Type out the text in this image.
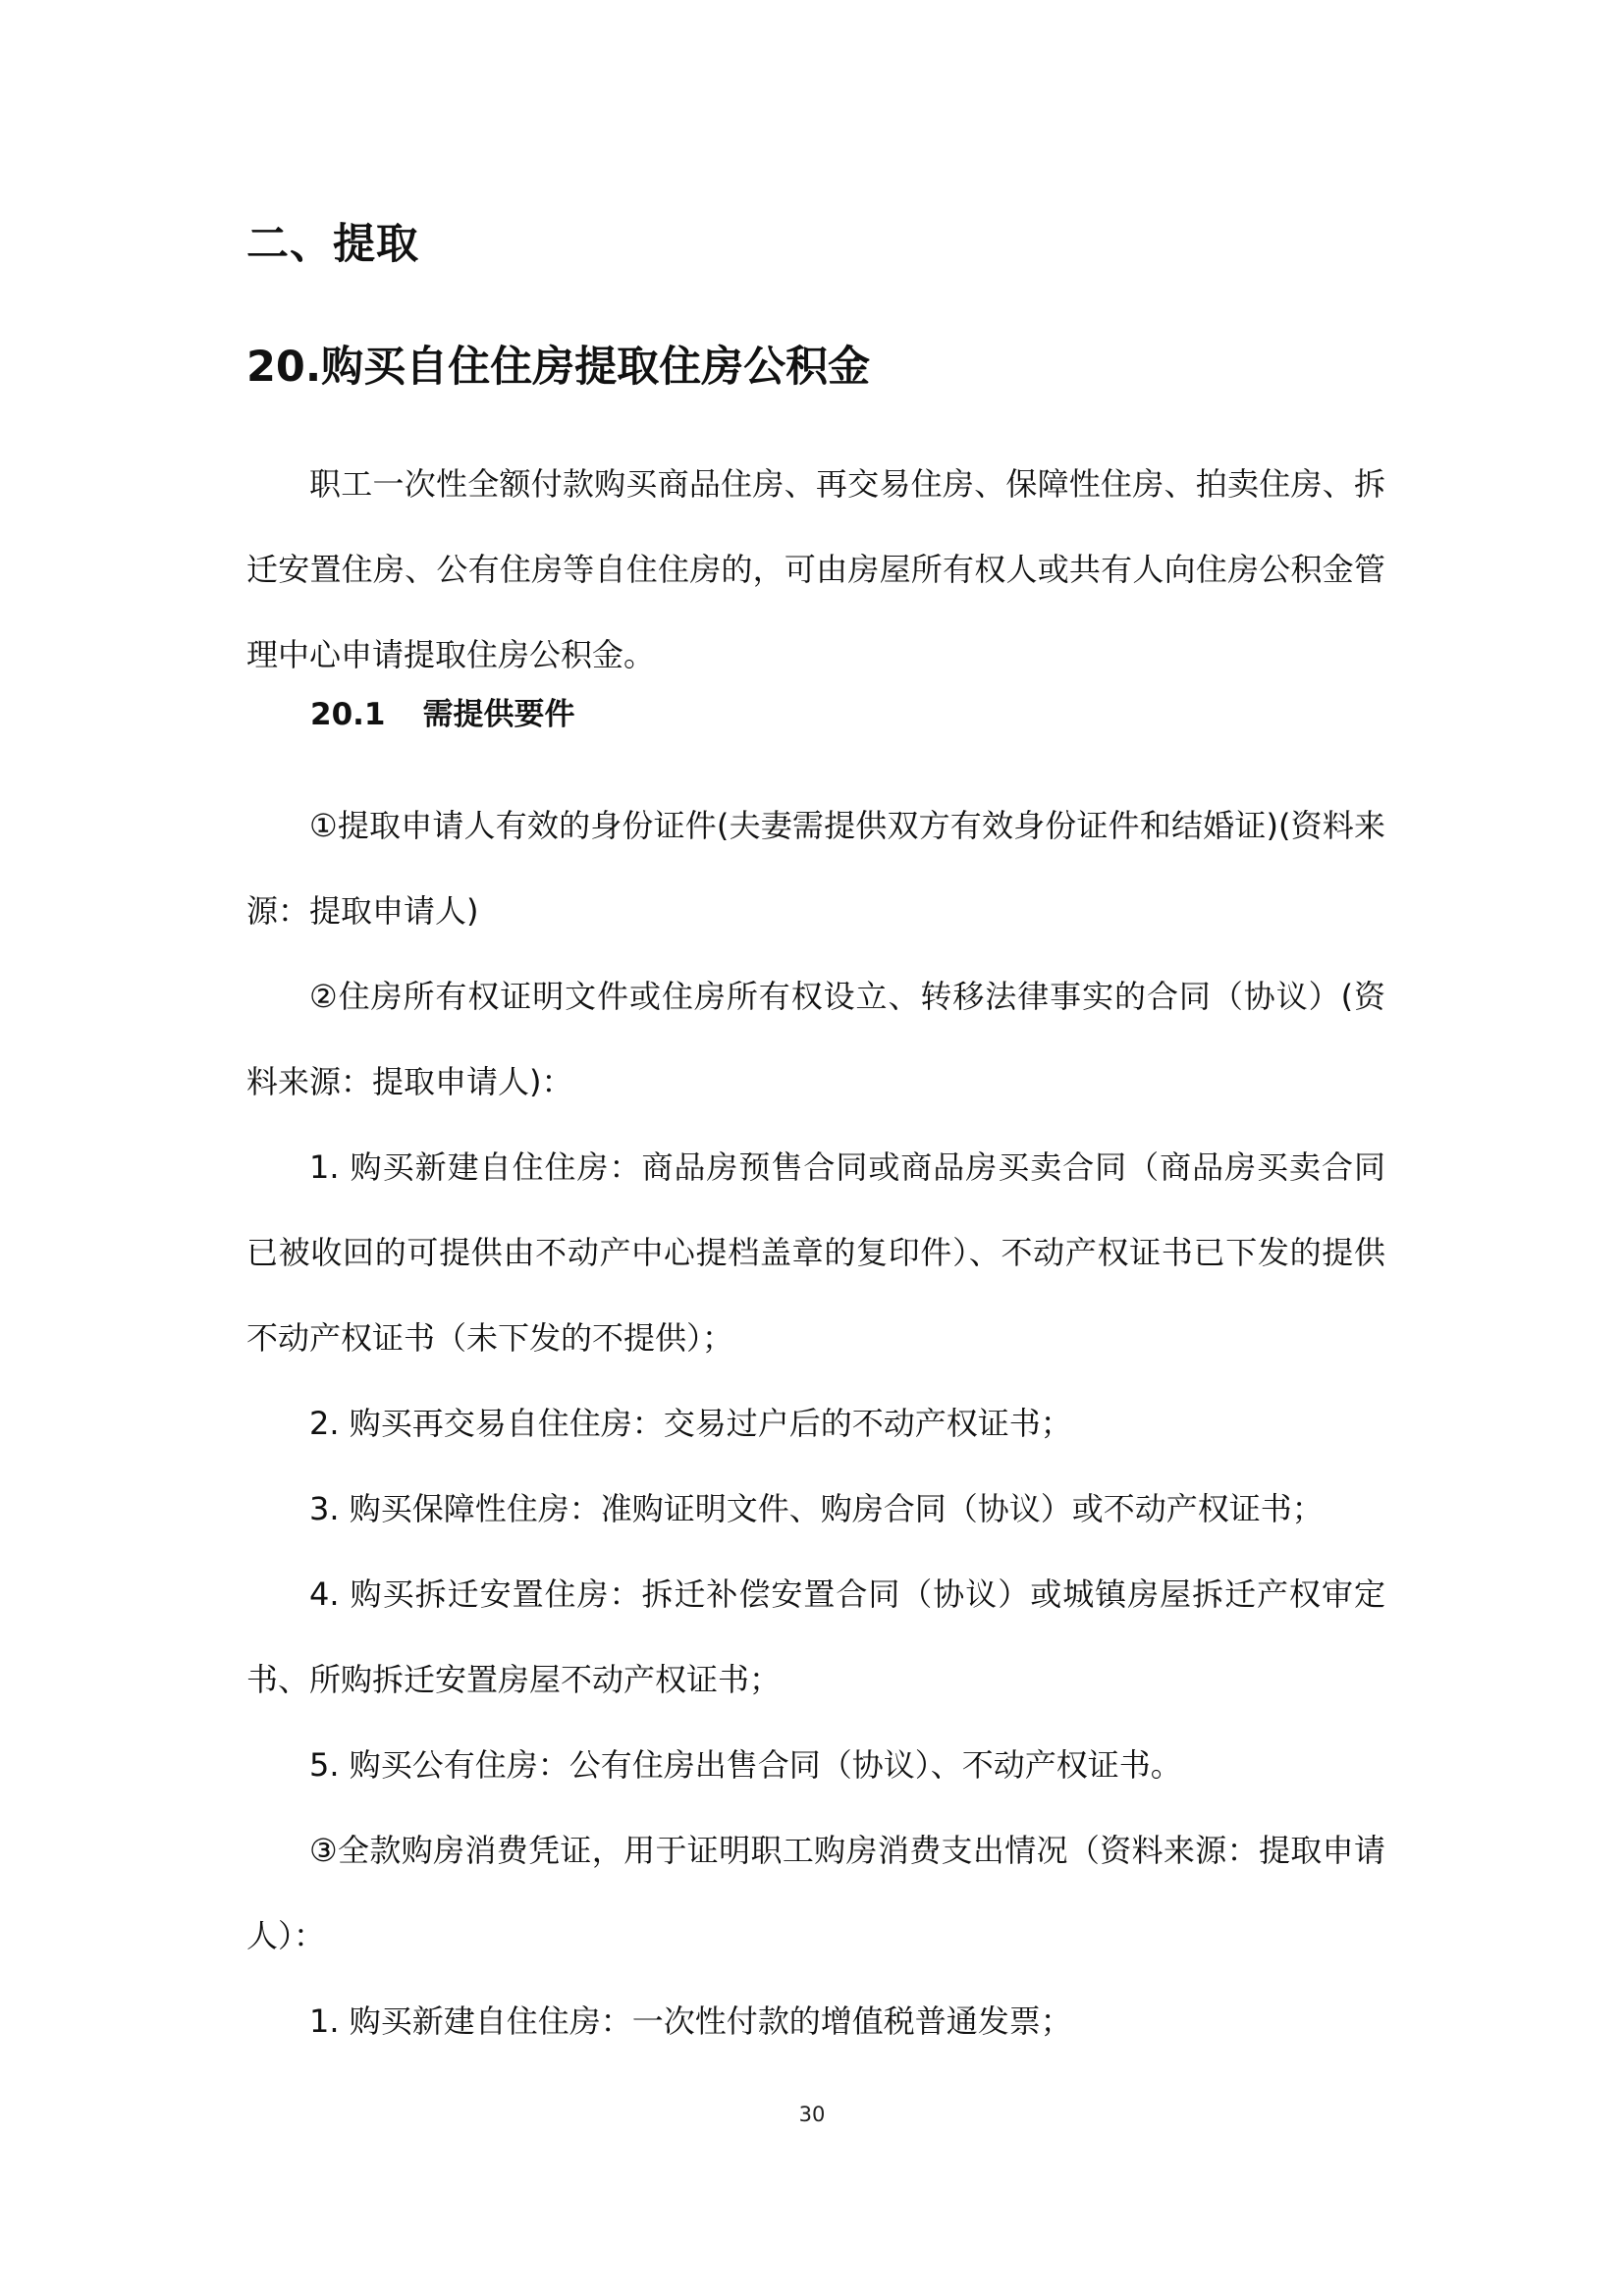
二、提取
20.购买自住住房提取住房公积金

职工一次性全额付款购买商品住房、再交易住房、保障性住房、拍卖住房、拆迁安置住房、公有住房等自住住房的，可由房屋所有权人或共有人向住房公积金管理中心申请提取住房公积金。

20.1 需提供要件

①提取申请人有效的身份证件(夫妻需提供双方有效身份证件和结婚证)(资料来源：提取申请人)

②住房所有权证明文件或住房所有权设立、转移法律事实的合同（协议）(资料来源：提取申请人)：

1. 购买新建自住住房：商品房预售合同或商品房买卖合同（商品房买卖合同已被收回的可提供由不动产中心提档盖章的复印件）、不动产权证书已下发的提供不动产权证书（未下发的不提供）；

2. 购买再交易自住住房：交易过户后的不动产权证书；

3. 购买保障性住房：准购证明文件、购房合同（协议）或不动产权证书；

4. 购买拆迁安置住房：拆迁补偿安置合同（协议）或城镇房屋拆迁产权审定书、所购拆迁安置房屋不动产权证书；

5. 购买公有住房：公有住房出售合同（协议）、不动产权证书。

③全款购房消费凭证，用于证明职工购房消费支出情况（资料来源：提取申请人）：

1. 购买新建自住住房：一次性付款的增值税普通发票；

30
